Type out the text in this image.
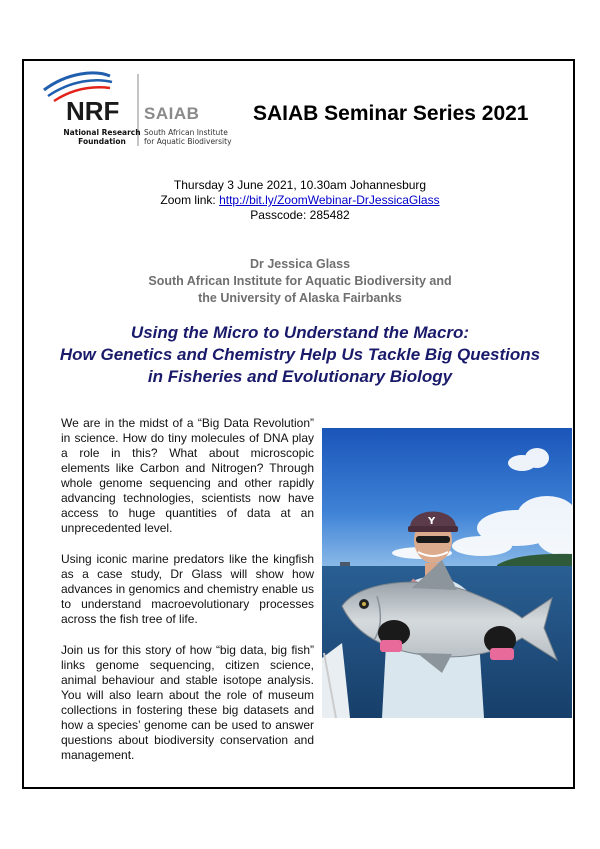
NRF
National Research
Foundation
SAIAB
South African Institute
for Aquatic Biodiversity
SAIAB Seminar Series 2021
Thursday 3 June 2021, 10.30am Johannesburg
Zoom link: http://bit.ly/ZoomWebinar-DrJessicaGlass
Passcode: 285482
Dr Jessica Glass
South African Institute for Aquatic Biodiversity and
the University of Alaska Fairbanks
Using the Micro to Understand the Macro:
How Genetics and Chemistry Help Us Tackle Big Questions
in Fisheries and Evolutionary Biology

We are in the midst of a “Big Data Revolution” in science. How do tiny molecules of DNA play a role in this? What about microscopic elements like Carbon and Nitrogen? Through whole genome sequencing and other rapidly advancing technologies, scientists now have access to huge quantities of data at an unprecedented level.

Using iconic marine predators like the kingfish as a case study, Dr Glass will show how advances in genomics and chemistry enable us to understand macroevolutionary processes across the fish tree of life.

Join us for this story of how “big data, big fish” links genome sequencing, citizen science, animal behaviour and stable isotope analysis. You will also learn about the role of museum collections in fostering these big datasets and how a species’ genome can be used to answer questions about biodiversity conservation and management.

Y
